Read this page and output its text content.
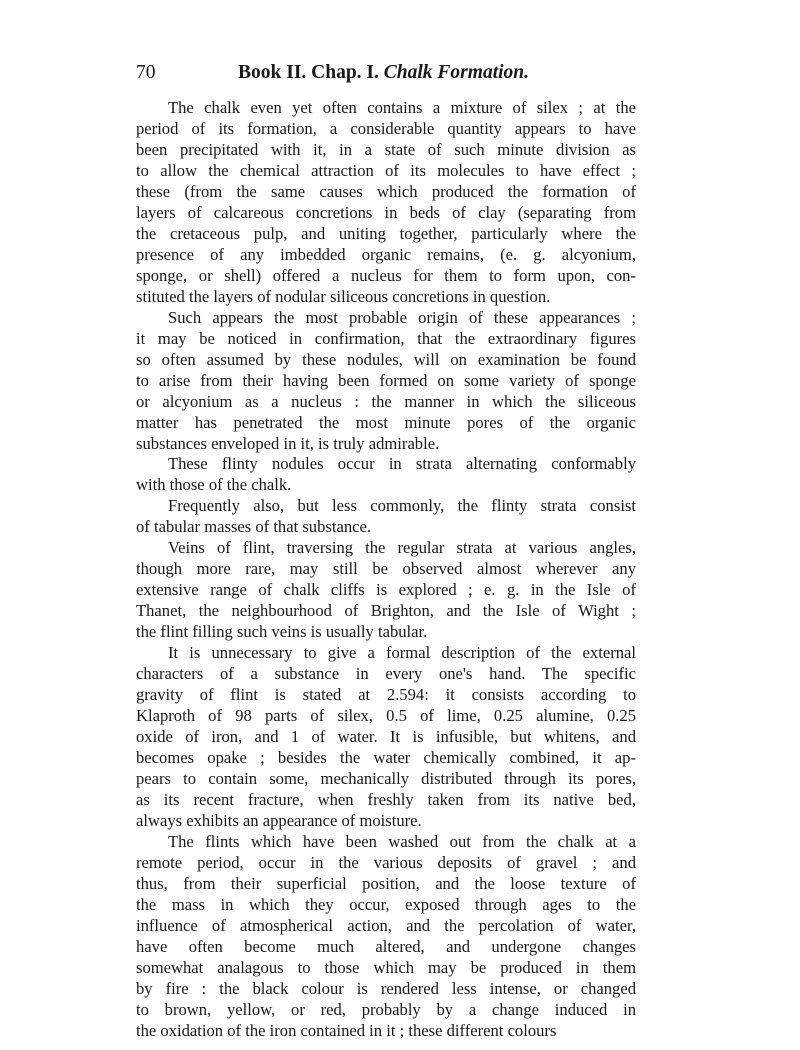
70	Book II. Chap. I. Chalk Formation.
The chalk even yet often contains a mixture of silex ; at the
period of its formation, a considerable quantity appears to have
been precipitated with it, in a state of such minute division as
to allow the chemical attraction of its molecules to have effect ;
these (from the same causes which produced the formation of
layers of calcareous concretions in beds of clay (separating from
the cretaceous pulp, and uniting together, particularly where the
presence of any imbedded organic remains, (e. g. alcyonium,
sponge, or shell) offered a nucleus for them to form upon, con-
stituted the layers of nodular siliceous concretions in question.
Such appears the most probable origin of these appearances ;
it may be noticed in confirmation, that the extraordinary figures
so often assumed by these nodules, will on examination be found
to arise from their having been formed on some variety of sponge
or alcyonium as a nucleus : the manner in which the siliceous
matter has penetrated the most minute pores of the organic
substances enveloped in it, is truly admirable.
These flinty nodules occur in strata alternating conformably
with those of the chalk.
Frequently also, but less commonly, the flinty strata consist
of tabular masses of that substance.
Veins of flint, traversing the regular strata at various angles,
though more rare, may still be observed almost wherever any
extensive range of chalk cliffs is explored ; e. g. in the Isle of
Thanet, the neighbourhood of Brighton, and the Isle of Wight ;
the flint filling such veins is usually tabular.
It is unnecessary to give a formal description of the external
characters of a substance in every one's hand. The specific
gravity of flint is stated at 2.594: it consists according to
Klaproth of 98 parts of silex, 0.5 of lime, 0.25 alumine, 0.25
oxide of iron, and 1 of water. It is infusible, but whitens, and
becomes opake ; besides the water chemically combined, it ap-
pears to contain some, mechanically distributed through its pores,
as its recent fracture, when freshly taken from its native bed,
always exhibits an appearance of moisture.
The flints which have been washed out from the chalk at a
remote period, occur in the various deposits of gravel ; and
thus, from their superficial position, and the loose texture of
the mass in which they occur, exposed through ages to the
influence of atmospherical action, and the percolation of water,
have often become much altered, and undergone changes
somewhat analagous to those which may be produced in them
by fire : the black colour is rendered less intense, or changed
to brown, yellow, or red, probably by a change induced in
the oxidation of the iron contained in it ; these different colours
